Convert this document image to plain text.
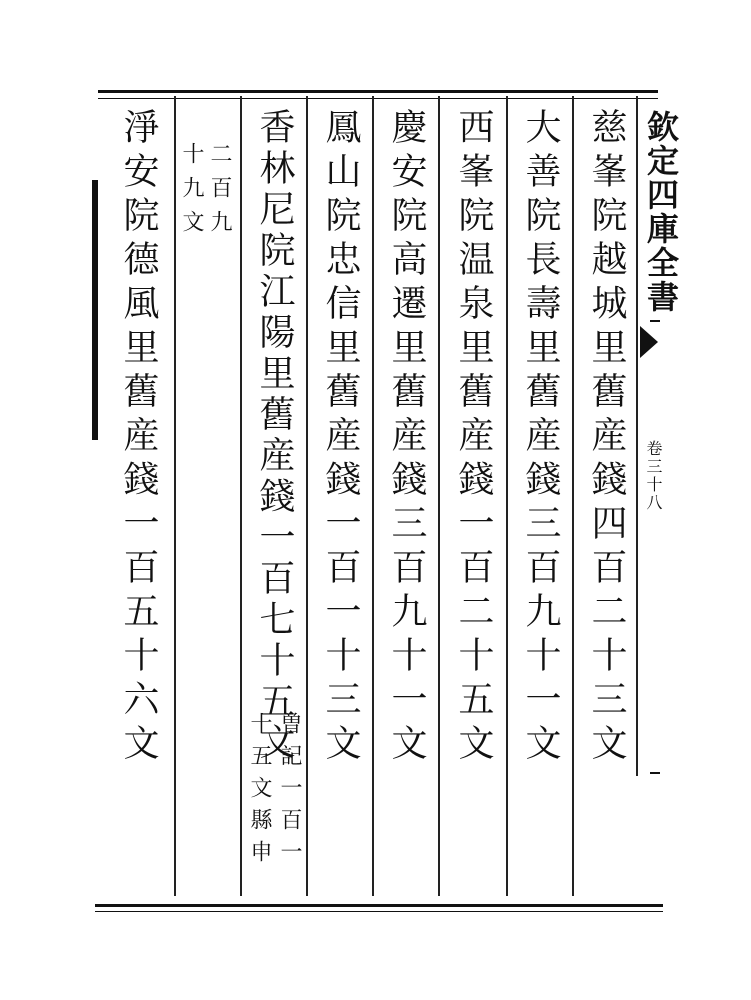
欽定四庫全書
卷三十八
慈峯院越城里舊産錢四百二十三文
大善院長壽里舊産錢三百九十一文
西峯院温泉里舊産錢一百二十五文
慶安院高遷里舊産錢三百九十一文
鳳山院忠信里舊産錢一百一十三文
香林尼院江陽里舊産錢一百七十五文
曽記一百一
十五文縣申
二百九
十九文
淨安院德風里舊産錢一百五十六文
